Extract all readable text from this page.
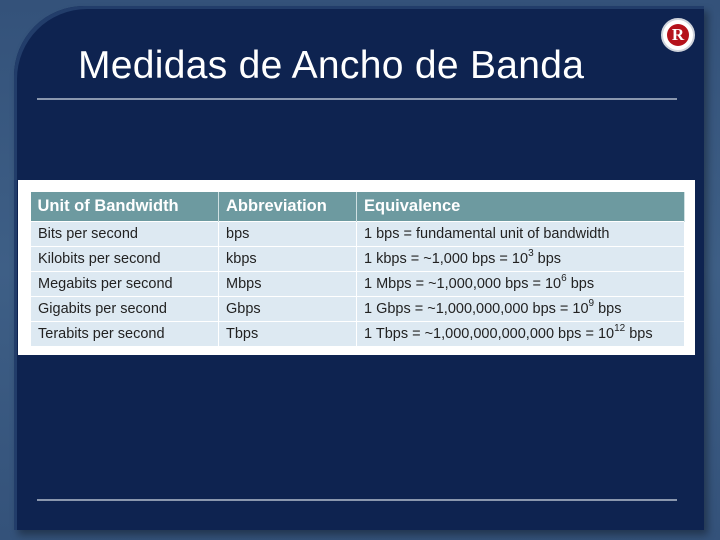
R
Medidas de Ancho de Banda
Unit of Bandwidth	Abbreviation	Equivalence
Bits per second	bps	1 bps = fundamental unit of bandwidth
Kilobits per second	kbps	1 kbps = ~1,000 bps = $10^3$ bps
Megabits per second	Mbps	1 Mbps = ~1,000,000 bps = $10^6$ bps
Gigabits per second	Gbps	1 Gbps = ~1,000,000,000 bps = $10^9$ bps
Terabits per second	Tbps	1 Tbps = ~1,000,000,000,000 bps = $10^{12}$ bps
